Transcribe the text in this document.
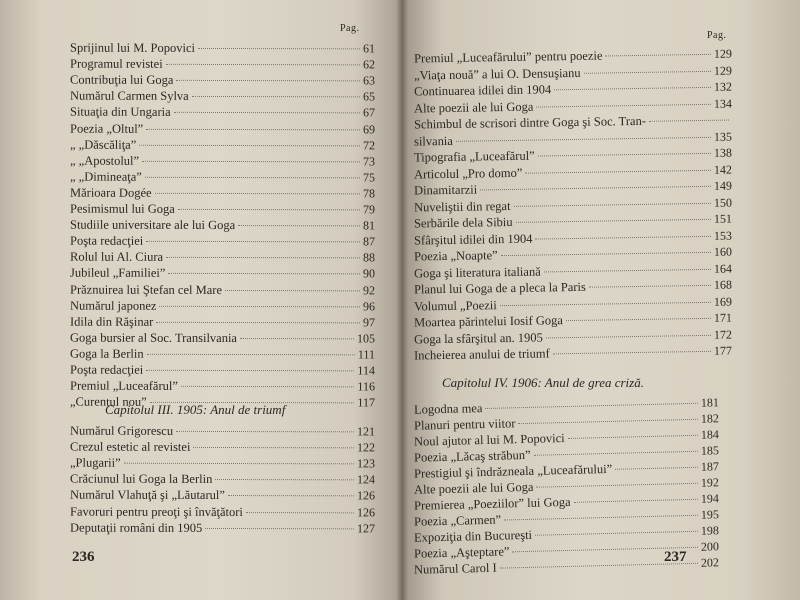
Pag.
Sprijinul lui M. Popovici	61
Programul revistei	62
Contribuţia lui Goga	63
Numărul Carmen Sylva	65
Situaţia din Ungaria	67
Poezia „Oltul”	69
„ „Dăscăliţa”	72
„ „Apostolul”	73
„ „Dimineaţa”	75
Mărioara Dogée	78
Pesimismul lui Goga	79
Studiile universitare ale lui Goga	81
Poşta redacţiei	87
Rolul lui Al. Ciura	88
Jubileul „Familiei”	90
Prăznuirea lui Ştefan cel Mare	92
Numărul japonez	96
Idila din Răşinar	97
Goga bursier al Soc. Transilvania	105
Goga la Berlin	111
Poşta redacţiei	114
Premiul „Luceafărul”	116
„Curentul nou”	117
Capitolul III. 1905: Anul de triumf
Numărul Grigorescu	121
Crezul estetic al revistei	122
„Plugarii”	123
Crăciunul lui Goga la Berlin	124
Numărul Vlahuţă şi „Lăutarul”	126
Favoruri pentru preoţi şi învăţători	126
Deputaţii români din 1905	127
236
Pag.
Premiul „Luceafărului” pentru poezie	129
„Viaţa nouă” a lui O. Densuşianu	129
Continuarea idilei din 1904	132
Alte poezii ale lui Goga	134
Schimbul de scrisori dintre Goga şi Soc. Tran-
silvania	135
Tipografia „Luceafărul”	138
Articolul „Pro domo”	142
Dinamitarzii	149
Nuveliştii din regat	150
Serbările dela Sibiu	151
Sfârşitul idilei din 1904	153
Poezia „Noapte”	160
Goga şi literatura italiană	164
Planul lui Goga de a pleca la Paris	168
Volumul „Poezii	169
Moartea părintelui Iosif Goga	171
Goga la sfârşitul an. 1905	172
Incheierea anului de triumf	177
Capitolul IV. 1906: Anul de grea criză.
Logodna mea	181
Planuri pentru viitor	182
Noul ajutor al lui M. Popovici	184
Poezia „Lăcaş străbun”	185
Prestigiul şi îndrăzneala „Luceafărului”	187
Alte poezii ale lui Goga	192
Premierea „Poeziilor” lui Goga	194
Poezia „Carmen”	195
Expoziţia din Bucureşti	198
Poezia „Aşteptare”	200
Numărul Carol I	202
237
